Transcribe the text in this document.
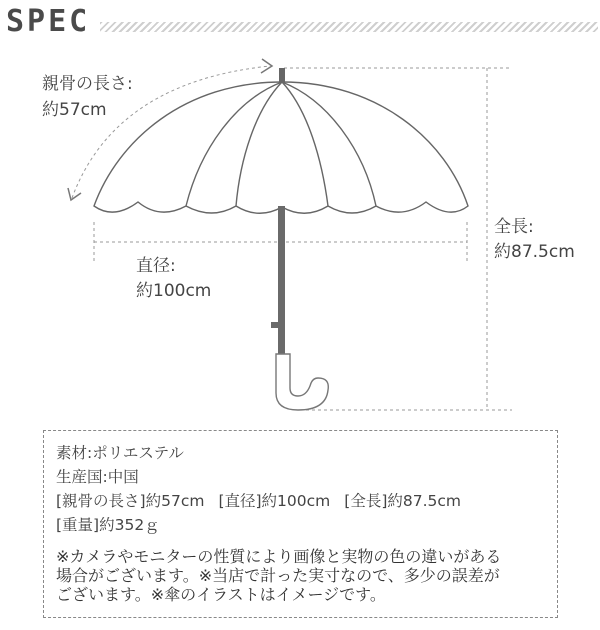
SPEC
親骨の長さ:
約57cm
直径:
約100cm
全長:
約87.5cm
素材:ポリエステル
生産国:中国
[親骨の長さ]約57cm [直径]約100cm [全長]約87.5cm
[重量]約352ｇ
※カメラやモニターの性質により画像と実物の色の違いがある
場合がございます。※当店で計った実寸なので、多少の誤差が
ございます。※傘のイラストはイメージです。
